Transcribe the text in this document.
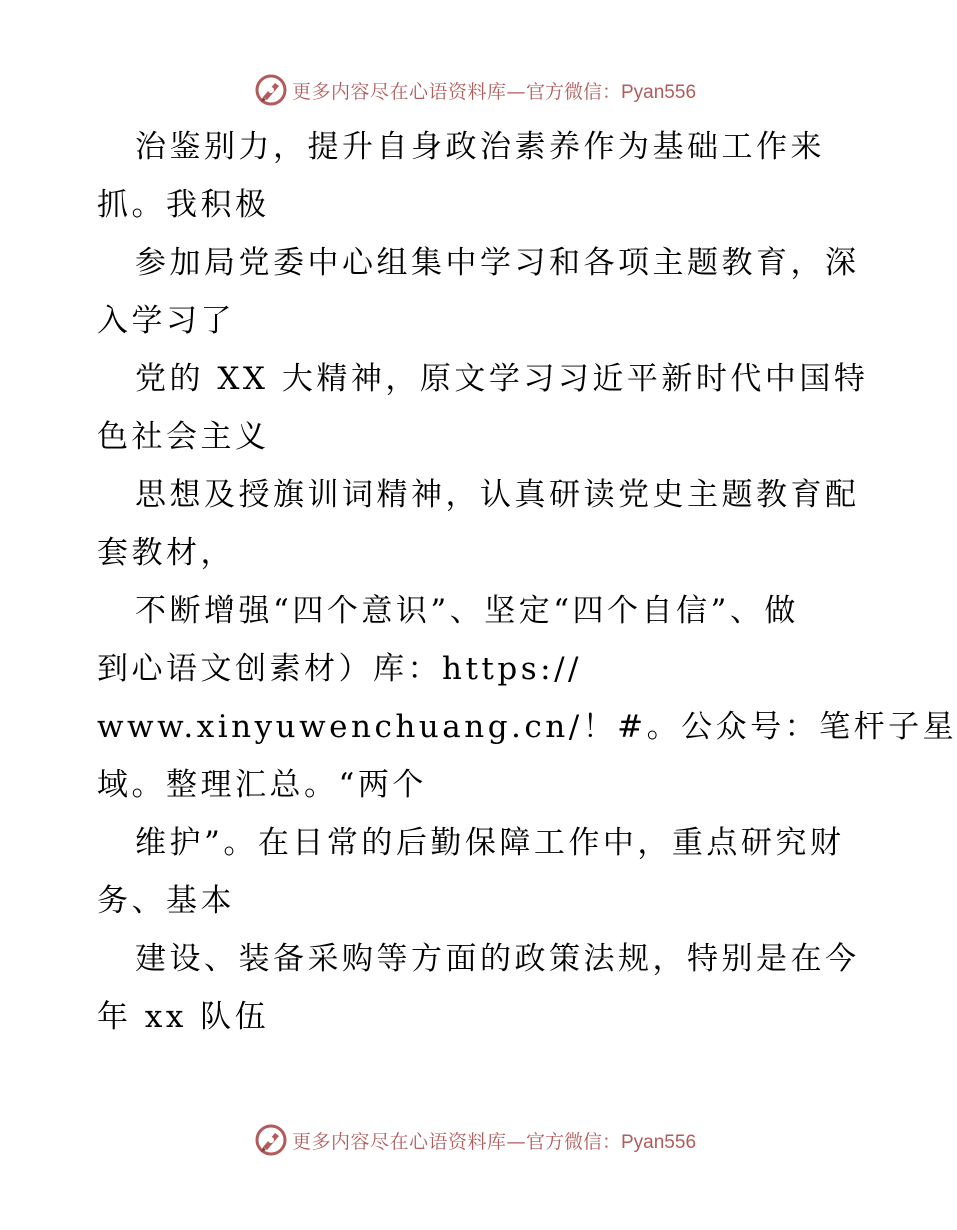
更多内容尽在心语资料库— 官方微信：Pyan556
治鉴别力，提升自身政治素养作为基础工作来
抓。我积极
参加局党委中心组集中学习和各项主题教育，深
入学习了
党的 XX 大精神，原文学习习近平新时代中国特
色社会主义
思想及授旗训词精神，认真研读党史主题教育配
套教材，
不断增强“四个意识”、坚定“四个自信”、做
到心语文创素材）库：https://
www.xinyuwenchuang.cn/！#。公众号：笔杆子星
域。整理汇总。“两个
维护”。在日常的后勤保障工作中，重点研究财
务、基本
建设、装备采购等方面的政策法规，特别是在今
年 xx 队伍
更多内容尽在心语资料库— 官方微信：Pyan556
